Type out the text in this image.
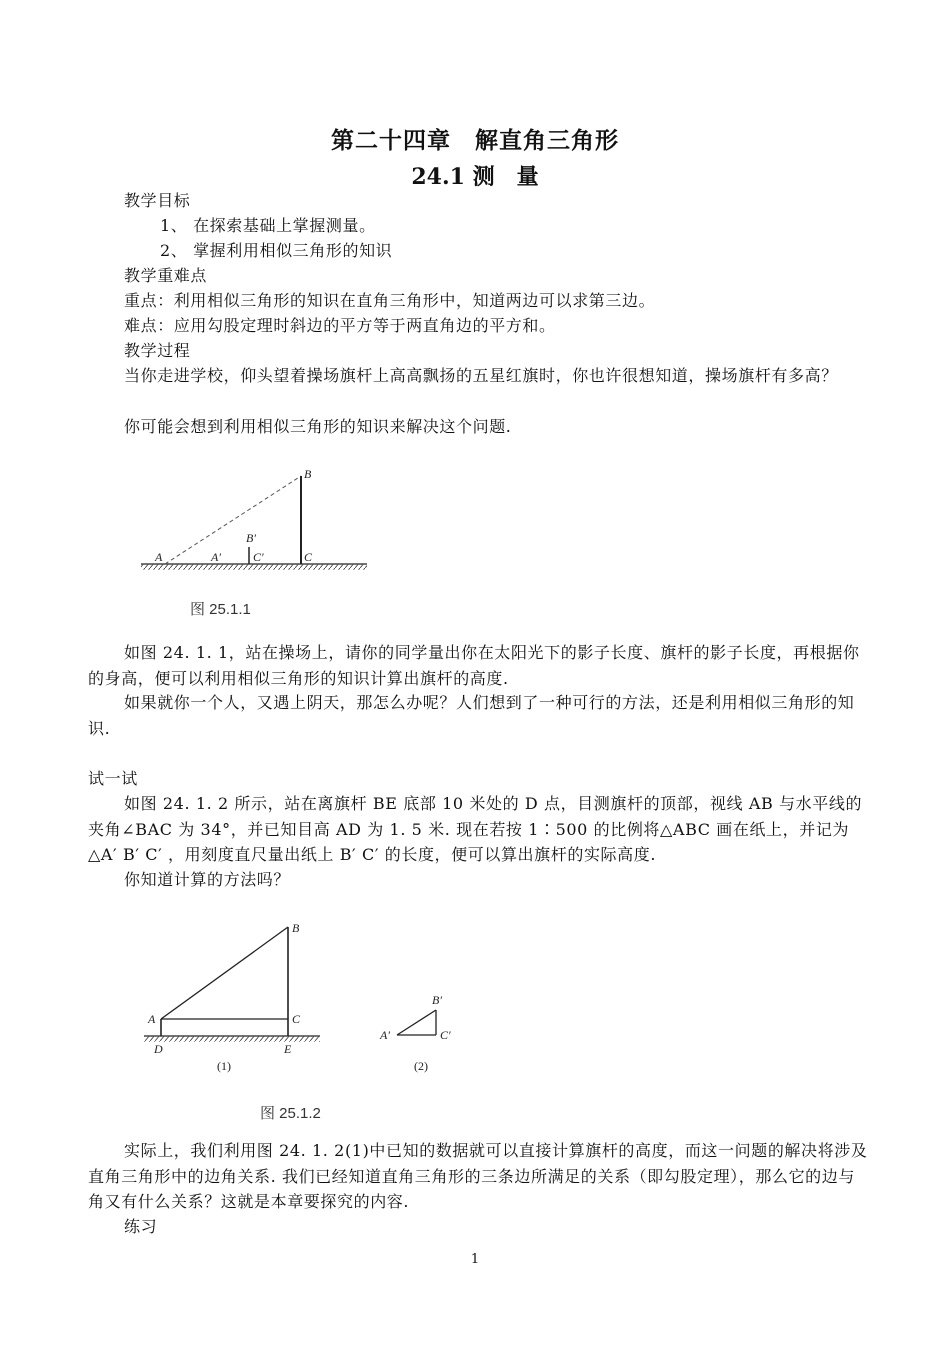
第二十四章　解直角三角形
24.1 测　量
教学目标
1、 在探索基础上掌握测量。
2、 掌握利用相似三角形的知识
教学重难点
重点：利用相似三角形的知识在直角三角形中，知道两边可以求第三边。
难点：应用勾股定理时斜边的平方等于两直角边的平方和。
教学过程
当你走进学校，仰头望着操场旗杆上高高飘扬的五星红旗时，你也许很想知道，操场旗杆有多高？
你可能会想到利用相似三角形的知识来解决这个问题.
A	A′
B′
C′
B
C
图 25.1.1
如图 24. 1. 1，站在操场上，请你的同学量出你在太阳光下的影子长度、旗杆的影子长度，再根据你的身高，便可以利用相似三角形的知识计算出旗杆的高度.
如果就你一个人，又遇上阴天，那怎么办呢？人们想到了一种可行的方法，还是利用相似三角形的知识.
试一试
如图 24. 1. 2 所示，站在离旗杆 BE 底部 10 米处的 D 点，目测旗杆的顶部，视线 AB 与水平线的夹角∠BAC 为 34°，并已知目高 AD 为 1. 5 米. 现在若按 1∶500 的比例将△ABC 画在纸上，并记为△A′ B′ C′ ，用刻度直尺量出纸上 B′ C′ 的长度，便可以算出旗杆的实际高度.
你知道计算的方法吗？
A
B
C
D	E
(1)
A′
B′
C′
(2)
图 25.1.2
实际上，我们利用图 24. 1. 2(1)中已知的数据就可以直接计算旗杆的高度，而这一问题的解决将涉及直角三角形中的边角关系. 我们已经知道直角三角形的三条边所满足的关系（即勾股定理），那么它的边与角又有什么关系？这就是本章要探究的内容.
练习
1
